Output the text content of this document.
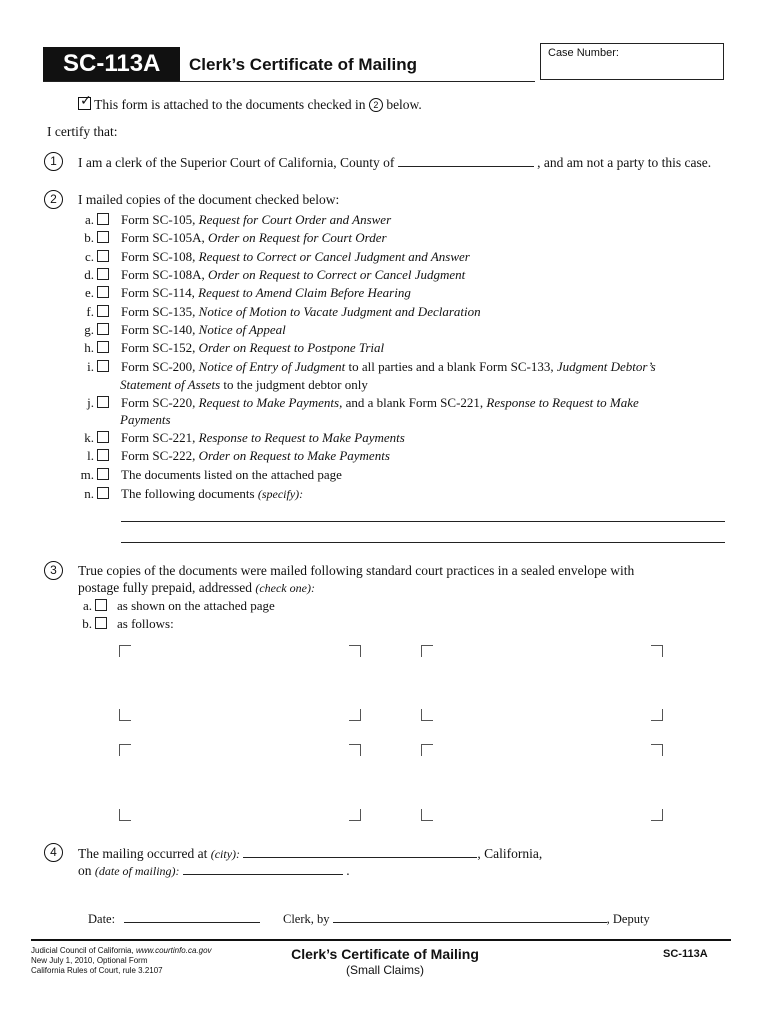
SC-113A	Clerk’s Certificate of Mailing
Case Number:
✓ This form is attached to the documents checked in 2 below.
I certify that:
1	I am a clerk of the Superior Court of California, County of	, and am not a party to this case.
2	I mailed copies of the document checked below:
a. Form SC-105, Request for Court Order and Answer
b. Form SC-105A, Order on Request for Court Order
c. Form SC-108, Request to Correct or Cancel Judgment and Answer
d. Form SC-108A, Order on Request to Correct or Cancel Judgment
e. Form SC-114, Request to Amend Claim Before Hearing
f. Form SC-135, Notice of Motion to Vacate Judgment and Declaration
g. Form SC-140, Notice of Appeal
h. Form SC-152, Order on Request to Postpone Trial
i. Form SC-200, Notice of Entry of Judgment to all parties and a blank Form SC-133, Judgment Debtor’s
Statement of Assets to the judgment debtor only
j. Form SC-220, Request to Make Payments, and a blank Form SC-221, Response to Request to Make
Payments
k. Form SC-221, Response to Request to Make Payments
l. Form SC-222, Order on Request to Make Payments
m. The documents listed on the attached page
n. The following documents (specify):
3	True copies of the documents were mailed following standard court practices in a sealed envelope with
postage fully prepaid, addressed (check one):
a. as shown on the attached page
b. as follows:
4	The mailing occurred at (city):	, California,
on (date of mailing):	.
Date:	Clerk, by	, Deputy
Judicial Council of California, www.courtinfo.ca.gov
New July 1, 2010, Optional Form
California Rules of Court, rule 3.2107
Clerk’s Certificate of Mailing
(Small Claims)
SC-113A
